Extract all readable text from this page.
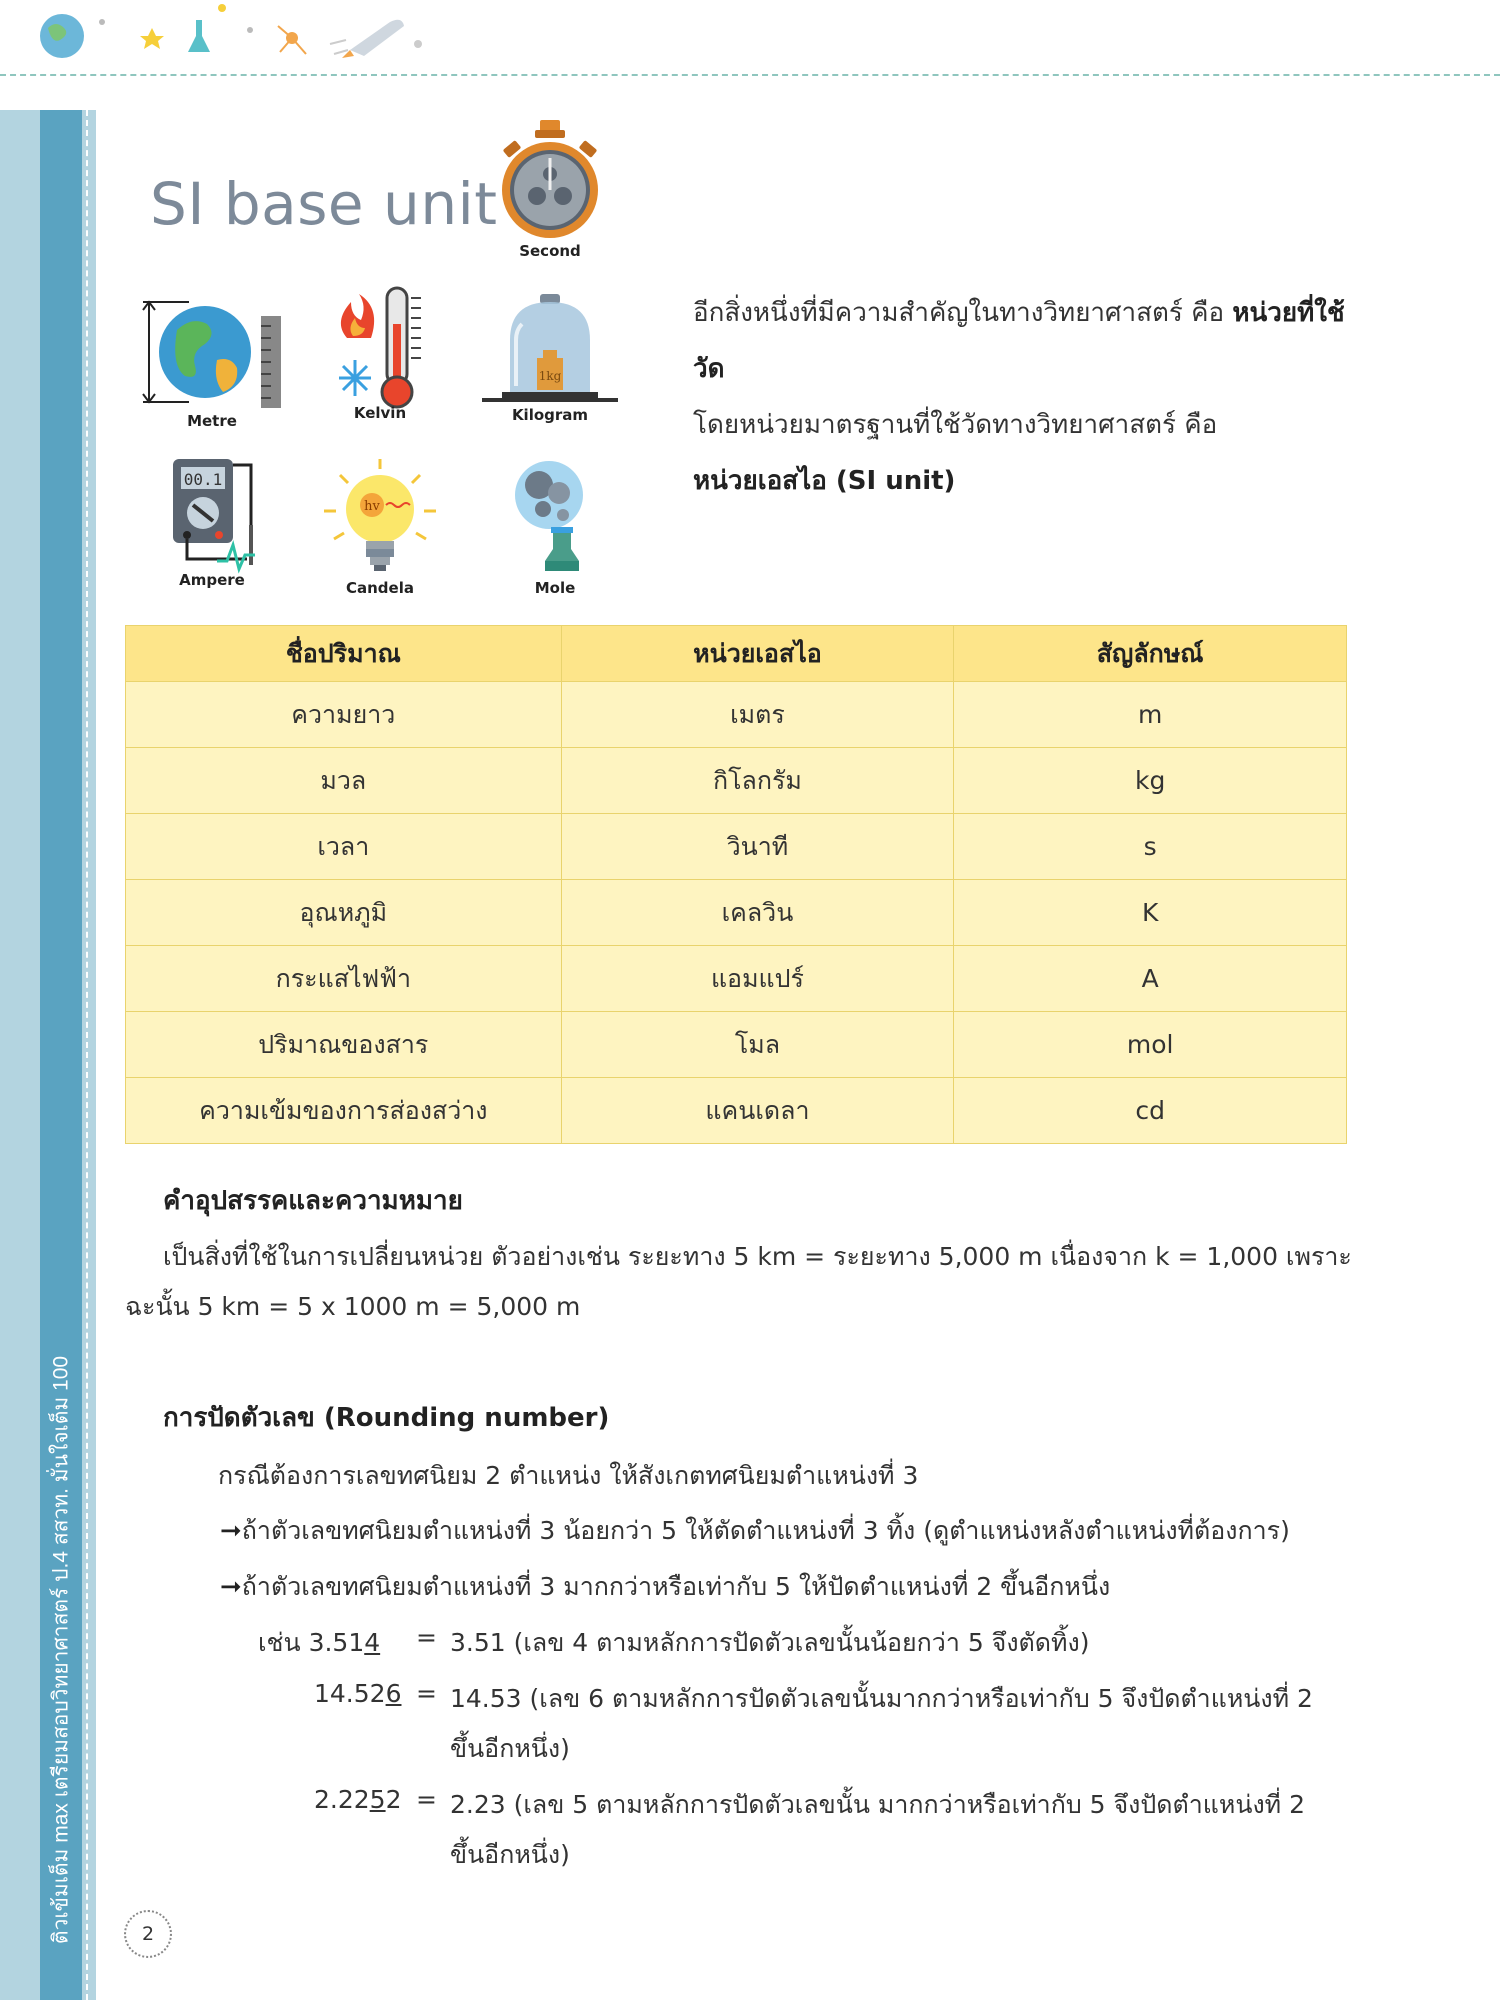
ติวเข้มเต็ม max เตรียมสอบวิทยาศาสตร์ ป.4 สสวท. มั่นใจเต็ม 100
SI base unit
Second
Metre	Kelvin
1kg
Kilogram
00.1
Ampere
hv
Candela	Mole
อีกสิ่งหนึ่งที่มีความสำคัญในทางวิทยาศาสตร์ คือ หน่วยที่ใช้วัด
โดยหน่วยมาตรฐานที่ใช้วัดทางวิทยาศาสตร์ คือ
หน่วยเอสไอ (SI unit)
ชื่อปริมาณ	หน่วยเอสไอ	สัญลักษณ์
ความยาว	เมตร	m
มวล	กิโลกรัม	kg
เวลา	วินาที	s
อุณหภูมิ	เคลวิน	K
กระแสไฟฟ้า	แอมแปร์	A
ปริมาณของสาร	โมล	mol
ความเข้มของการส่องสว่าง	แคนเดลา	cd
คำอุปสรรคและความหมาย
เป็นสิ่งที่ใช้ในการเปลี่ยนหน่วย ตัวอย่างเช่น ระยะทาง 5 km = ระยะทาง 5,000 m เนื่องจาก k = 1,000 เพราะ
ฉะนั้น 5 km = 5 x 1000 m = 5,000 m
การปัดตัวเลข (Rounding number)
กรณีต้องการเลขทศนิยม 2 ตำแหน่ง ให้สังเกตทศนิยมตำแหน่งที่ 3
➞ถ้าตัวเลขทศนิยมตำแหน่งที่ 3 น้อยกว่า 5 ให้ตัดตำแหน่งที่ 3 ทิ้ง (ดูตำแหน่งหลังตำแหน่งที่ต้องการ)
➞ถ้าตัวเลขทศนิยมตำแหน่งที่ 3 มากกว่าหรือเท่ากับ 5 ให้ปัดตำแหน่งที่ 2 ขึ้นอีกหนึ่ง
เช่น 3.514 = 3.51 (เลข 4 ตามหลักการปัดตัวเลขนั้นน้อยกว่า 5 จึงตัดทิ้ง)
14.526 = 14.53 (เลข 6 ตามหลักการปัดตัวเลขนั้นมากกว่าหรือเท่ากับ 5 จึงปัดตำแหน่งที่ 2
ขึ้นอีกหนึ่ง)
2.2252 = 2.23 (เลข 5 ตามหลักการปัดตัวเลขนั้น มากกว่าหรือเท่ากับ 5 จึงปัดตำแหน่งที่ 2
ขึ้นอีกหนึ่ง)
2
